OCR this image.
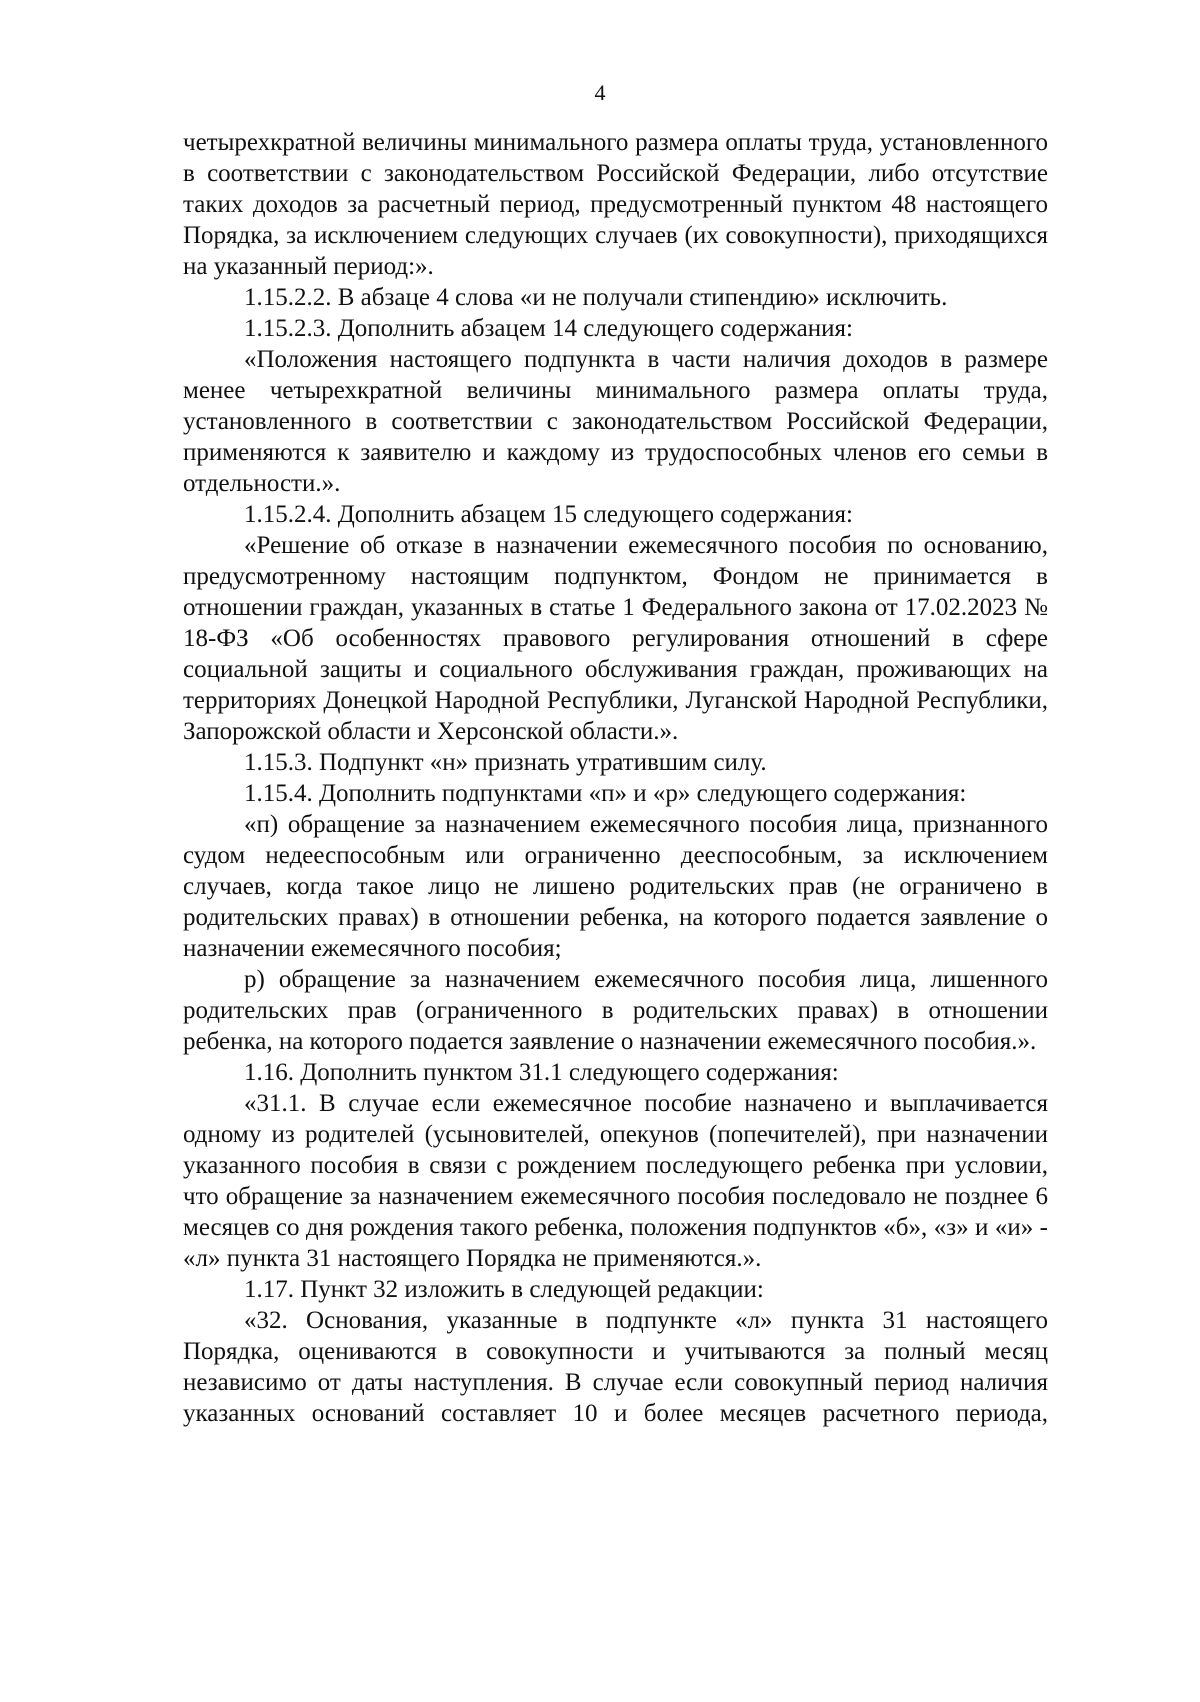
4

четырехкратной величины минимального размера оплаты труда, установленного в соответствии с законодательством Российской Федерации, либо отсутствие таких доходов за расчетный период, предусмотренный пунктом 48 настоящего Порядка, за исключением следующих случаев (их совокупности), приходящихся на указанный период:».

1.15.2.2. В абзаце 4 слова «и не получали стипендию» исключить.

1.15.2.3. Дополнить абзацем 14 следующего содержания:

«Положения настоящего подпункта в части наличия доходов в размере менее четырехкратной величины минимального размера оплаты труда, установленного в соответствии с законодательством Российской Федерации, применяются к заявителю и каждому из трудоспособных членов его семьи в отдельности.».

1.15.2.4. Дополнить абзацем 15 следующего содержания:

«Решение об отказе в назначении ежемесячного пособия по основанию, предусмотренному настоящим подпунктом, Фондом не принимается в отношении граждан, указанных в статье 1 Федерального закона от 17.02.2023 № 18-ФЗ «Об особенностях правового регулирования отношений в сфере социальной защиты и социального обслуживания граждан, проживающих на территориях Донецкой Народной Республики, Луганской Народной Республики, Запорожской области и Херсонской области.».

1.15.3. Подпункт «н» признать утратившим силу.

1.15.4. Дополнить подпунктами «п» и «р» следующего содержания:

«п) обращение за назначением ежемесячного пособия лица, признанного судом недееспособным или ограниченно дееспособным, за исключением случаев, когда такое лицо не лишено родительских прав (не ограничено в родительских правах) в отношении ребенка, на которого подается заявление о назначении ежемесячного пособия;

р) обращение за назначением ежемесячного пособия лица, лишенного родительских прав (ограниченного в родительских правах) в отношении ребенка, на которого подается заявление о назначении ежемесячного пособия.».

1.16. Дополнить пунктом 31.1 следующего содержания:

«31.1. В случае если ежемесячное пособие назначено и выплачивается одному из родителей (усыновителей, опекунов (попечителей), при назначении указанного пособия в связи с рождением последующего ребенка при условии, что обращение за назначением ежемесячного пособия последовало не позднее 6 месяцев со дня рождения такого ребенка, положения подпунктов «б», «з» и «и» - «л» пункта 31 настоящего Порядка не применяются.».

1.17. Пункт 32 изложить в следующей редакции:

«32. Основания, указанные в подпункте «л» пункта 31 настоящего Порядка, оцениваются в совокупности и учитываются за полный месяц независимо от даты наступления. В случае если совокупный период наличия указанных оснований составляет 10 и более месяцев расчетного периода,
